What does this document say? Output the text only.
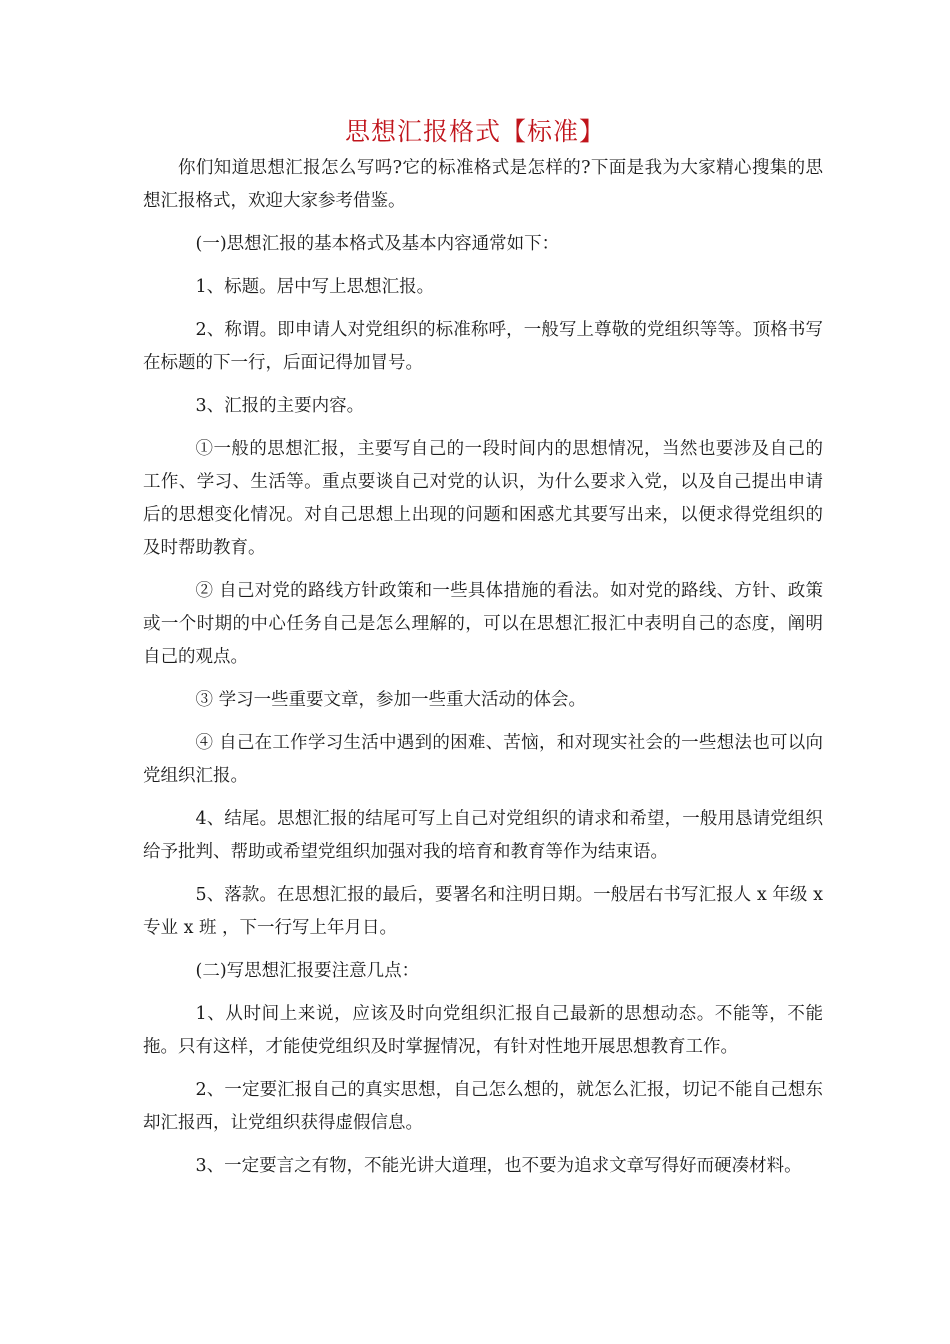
思想汇报格式【标准】

你们知道思想汇报怎么写吗?它的标准格式是怎样的?下面是我为大家精心搜集的思想汇报格式，欢迎大家参考借鉴。

(一)思想汇报的基本格式及基本内容通常如下：

1、标题。居中写上思想汇报。

2、称谓。即申请人对党组织的标准称呼，一般写上尊敬的党组织等等。顶格书写在标题的下一行，后面记得加冒号。

3、汇报的主要内容。

①一般的思想汇报，主要写自己的一段时间内的思想情况，当然也要涉及自己的工作、学习、生活等。重点要谈自己对党的认识，为什么要求入党，以及自己提出申请后的思想变化情况。对自己思想上出现的问题和困惑尤其要写出来，以便求得党组织的及时帮助教育。

② 自己对党的路线方针政策和一些具体措施的看法。如对党的路线、方针、政策或一个时期的中心任务自己是怎么理解的，可以在思想汇报汇中表明自己的态度，阐明自己的观点。

③ 学习一些重要文章，参加一些重大活动的体会。

④ 自己在工作学习生活中遇到的困难、苦恼，和对现实社会的一些想法也可以向党组织汇报。

4、结尾。思想汇报的结尾可写上自己对党组织的请求和希望，一般用恳请党组织给予批判、帮助或希望党组织加强对我的培育和教育等作为结束语。

5、落款。在思想汇报的最后，要署名和注明日期。一般居右书写汇报人 x 年级 x 专业 x 班 ，下一行写上年月日。

(二)写思想汇报要注意几点：

1、从时间上来说，应该及时向党组织汇报自己最新的思想动态。不能等，不能拖。只有这样，才能使党组织及时掌握情况，有针对性地开展思想教育工作。

2、一定要汇报自己的真实思想，自己怎么想的，就怎么汇报，切记不能自己想东却汇报西，让党组织获得虚假信息。

3、一定要言之有物，不能光讲大道理，也不要为追求文章写得好而硬凑材料。
